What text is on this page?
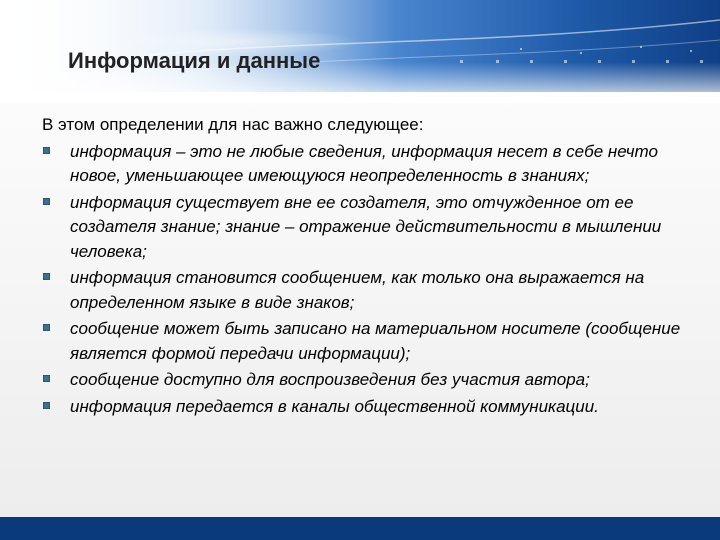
Информация и данные

В этом определении для нас важно следующее:

информация – это не любые сведения, информация несет в себе нечто новое, уменьшающее имеющуюся неопределенность в знаниях;
информация существует вне ее создателя, это отчужденное от ее создателя знание; знание – отражение действительности в мышлении человека;
информация становится сообщением, как только она выражается на определенном языке в виде знаков;
сообщение может быть записано на материальном носителе (сообщение является формой передачи информации);
сообщение доступно для воспроизведения без участия автора;
информация передается в каналы общественной коммуникации.
